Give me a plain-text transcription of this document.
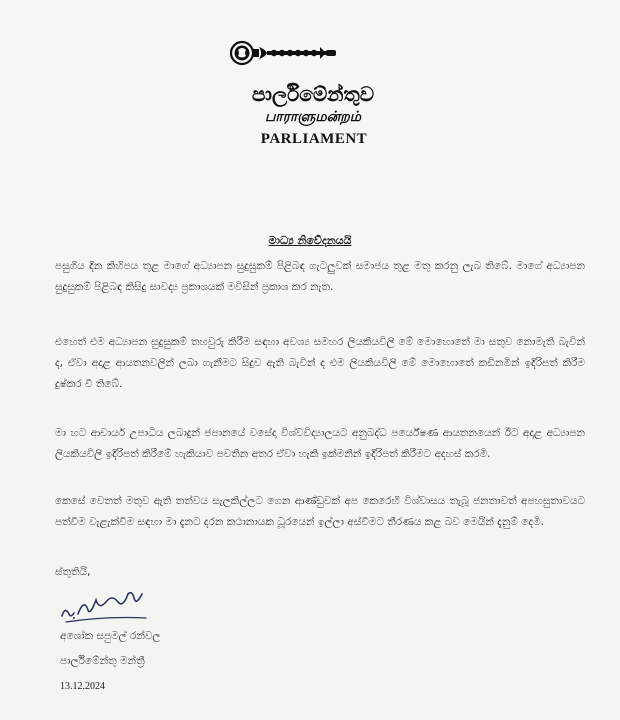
පාර්ලිමේන්තුව
பாராளுமன்றம்
PARLIAMENT
මාධ්‍ය නිවේදනයයි
පසුගිය දින කිහිපය තුළ මාගේ අධ්‍යාපන සුදුසුකම් පිළිබඳ ගැටලුවක් සමාජය තුළ මතු කරනු ලැබ තිබේ. මාගේ අධ්‍යාපන සුදුසුකම් පිළිබඳ කිසිදු සාවද්‍ය ප්‍රකාශයක් මවිසින් ප්‍රකාශ කර නැත.
එහෙත් එම අධ්‍යාපන සුදුසුකම් තහවුරු කිරීම සඳහා අවශ්‍ය සමහර ලියකියවිලි මේ මොහොතේ මා සතුව නොමැති බැවින් ද, ඒවා අදාළ ආයතනවලින් ලබා ගැනීමට සිදුව ඇති බැවින් ද එම ලියකියවිලි මේ මොහොතේ කඩිනමින් ඉදිරිපත් කිරීම දුෂ්කර වී තිබේ.
මා හට ආචාර්ය උපාධිය ලබාදුන් ජපානයේ වසේදා විශ්වවිද්‍යාලයට අනුබද්ධ පර්යේෂණ ආයතනයෙන් ඊට අදාළ අධ්‍යාපන ලියකියවිලි ඉදිරිපත් කිරීමේ හැකියාව පවතින අතර ඒවා හැකි ඉක්මනින් ඉදිරිපත් කිරීමට අදහස් කරමි.
කෙසේ වෙතත් මතුව ඇති තත්වය සැලකිල්ලට ගෙන ආණ්ඩුවක් අප කෙරෙහි විශ්වාසය තැබූ ජනතාවත් අපහසුතාවයට පත්වීම වැළැක්වීම සඳහා මා දැනට දරන කථානායක ධූරයෙන් ඉල්ලා අස්වීමට තීරණය කළ බව මෙයින් දැනුම් දෙමි.
ස්තුතියි,
අශෝක සපුමල් රන්වල
පාර්ලිමේන්තු මන්ත්‍රී
13.12.2024
